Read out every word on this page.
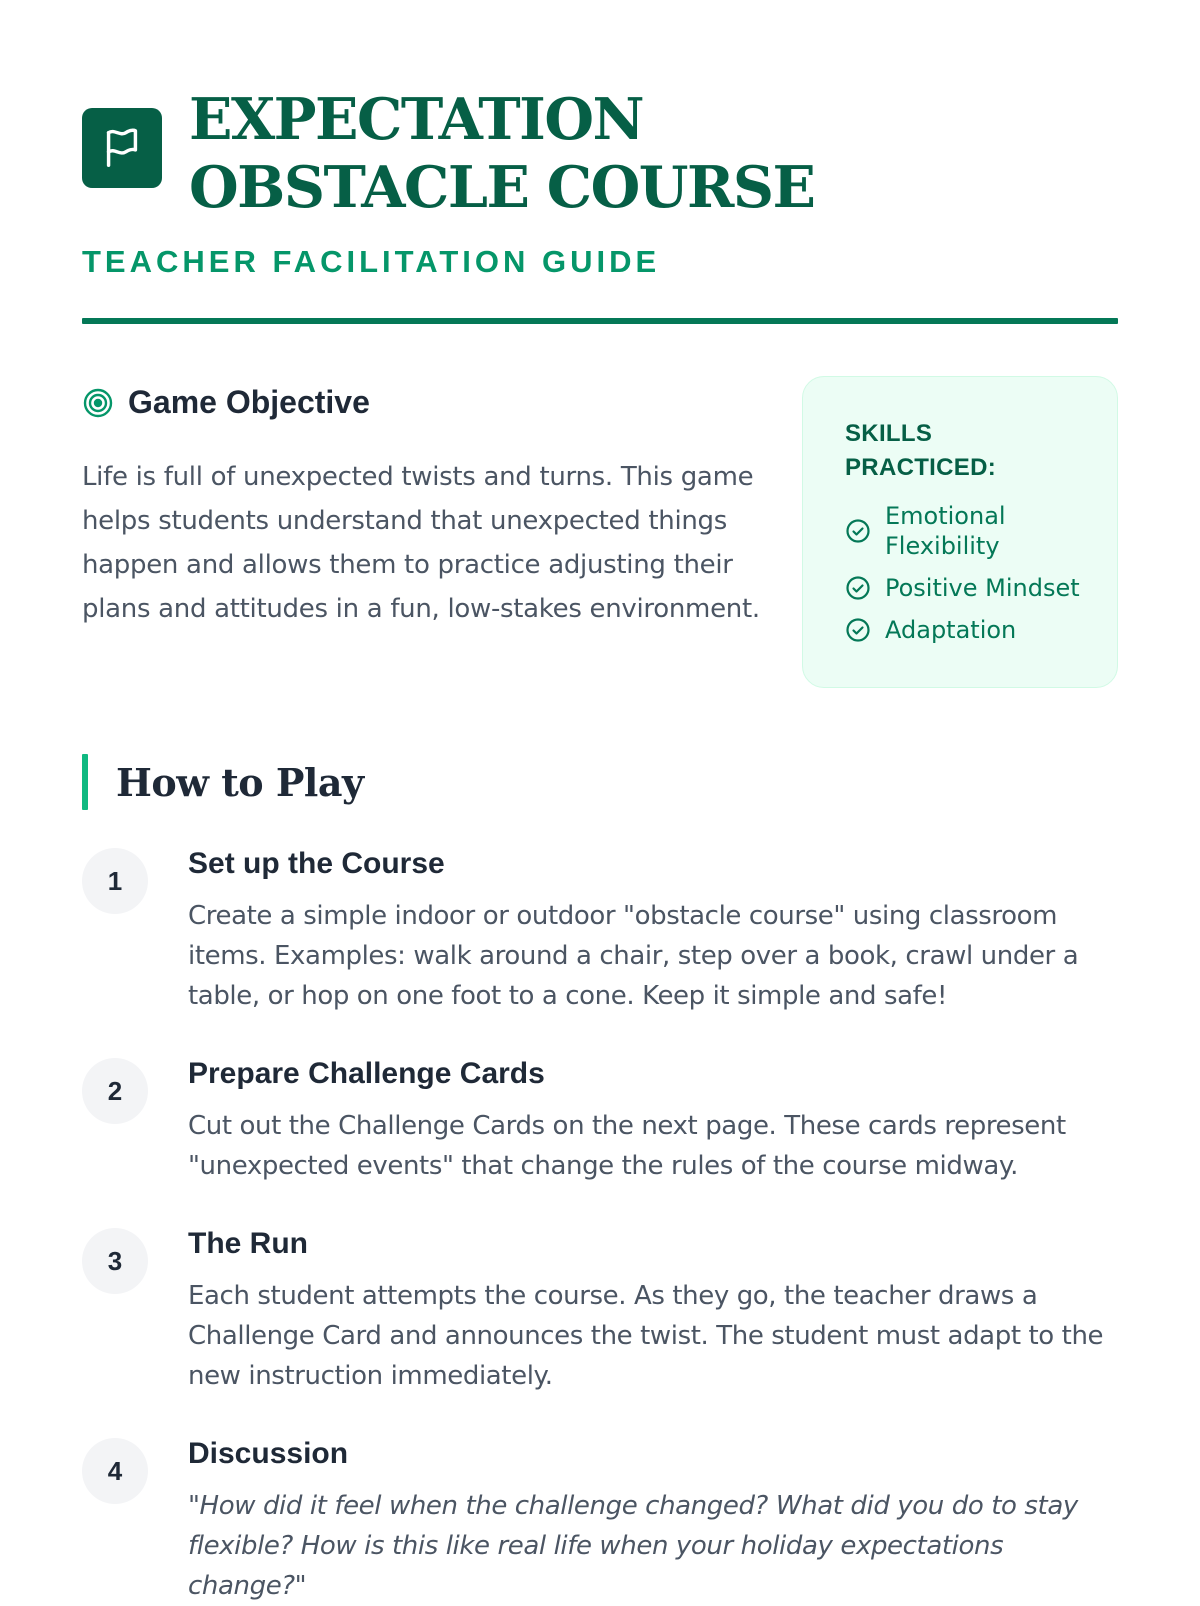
EXPECTATION OBSTACLE COURSE
TEACHER FACILITATION GUIDE
Game Objective
Life is full of unexpected twists and turns. This game helps students understand that unexpected things happen and allows them to practice adjusting their plans and attitudes in a fun, low-stakes environment.
SKILLS PRACTICED:
Emotional Flexibility
Positive Mindset
Adaptation
How to Play
1
Set up the Course
Create a simple indoor or outdoor "obstacle course" using classroom items. Examples: walk around a chair, step over a book, crawl under a table, or hop on one foot to a cone. Keep it simple and safe!
2
Prepare Challenge Cards
Cut out the Challenge Cards on the next page. These cards represent "unexpected events" that change the rules of the course midway.
3
The Run
Each student attempts the course. As they go, the teacher draws a Challenge Card and announces the twist. The student must adapt to the new instruction immediately.
4
Discussion
"How did it feel when the challenge changed? What did you do to stay flexible? How is this like real life when your holiday expectations change?"
